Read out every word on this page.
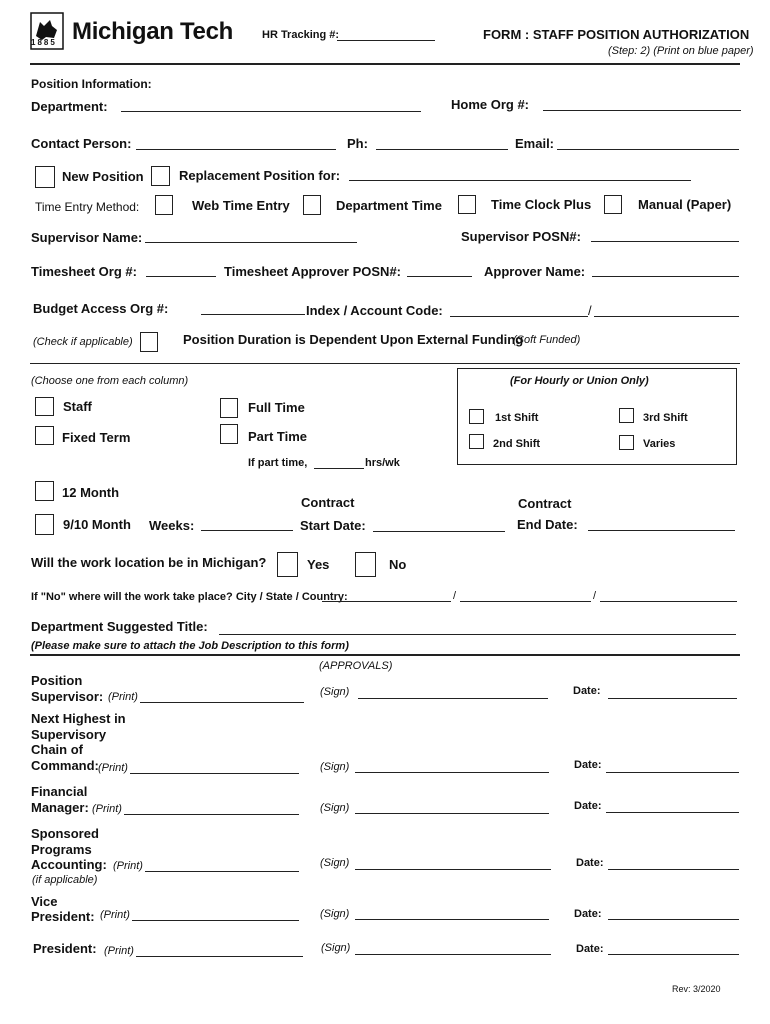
1885 Michigan Tech	HR Tracking #:	FORM : STAFF POSITION AUTHORIZATION
(Step: 2) (Print on blue paper)
Position Information:
Department:	Home Org #:
Contact Person:	Ph:	Email:
New Position	Replacement Position for:
Time Entry Method:	Web Time Entry	Department Time	Time Clock Plus	Manual (Paper)
Supervisor Name:	Supervisor POSN#:
Timesheet Org #:	Timesheet Approver POSN#:	Approver Name:
Budget Access Org #:	Index / Account Code:	/
(Check if applicable)	Position Duration is Dependent Upon External Funding
(Soft Funded)
(Choose one from each column)
Staff
Fixed Term
Full Time
Part Time
If part time,	hrs/wk
(For Hourly or Union Only)
1st Shift
2nd Shift
3rd Shift
Varies
12 Month
9/10 Month Weeks:
Contract
Start Date:
Contract
End Date:
Will the work location be in Michigan?	Yes	No
If "No" where will the work take place? City / State / Country:	/	/
Department Suggested Title:
(Please make sure to attach the Job Description to this form)
(APPROVALS)
Position
Supervisor: (Print)	(Sign)	Date:
Next Highest in
Supervisory
Chain of
Command: (Print)	(Sign)	Date:
Financial
Manager: (Print)	(Sign)	Date:
Sponsored
Programs
Accounting: (Print)
(if applicable)
(Sign)	Date:
Vice
President: (Print)	(Sign)	Date:
President: (Print)	(Sign)	Date:
Rev: 3/2020
